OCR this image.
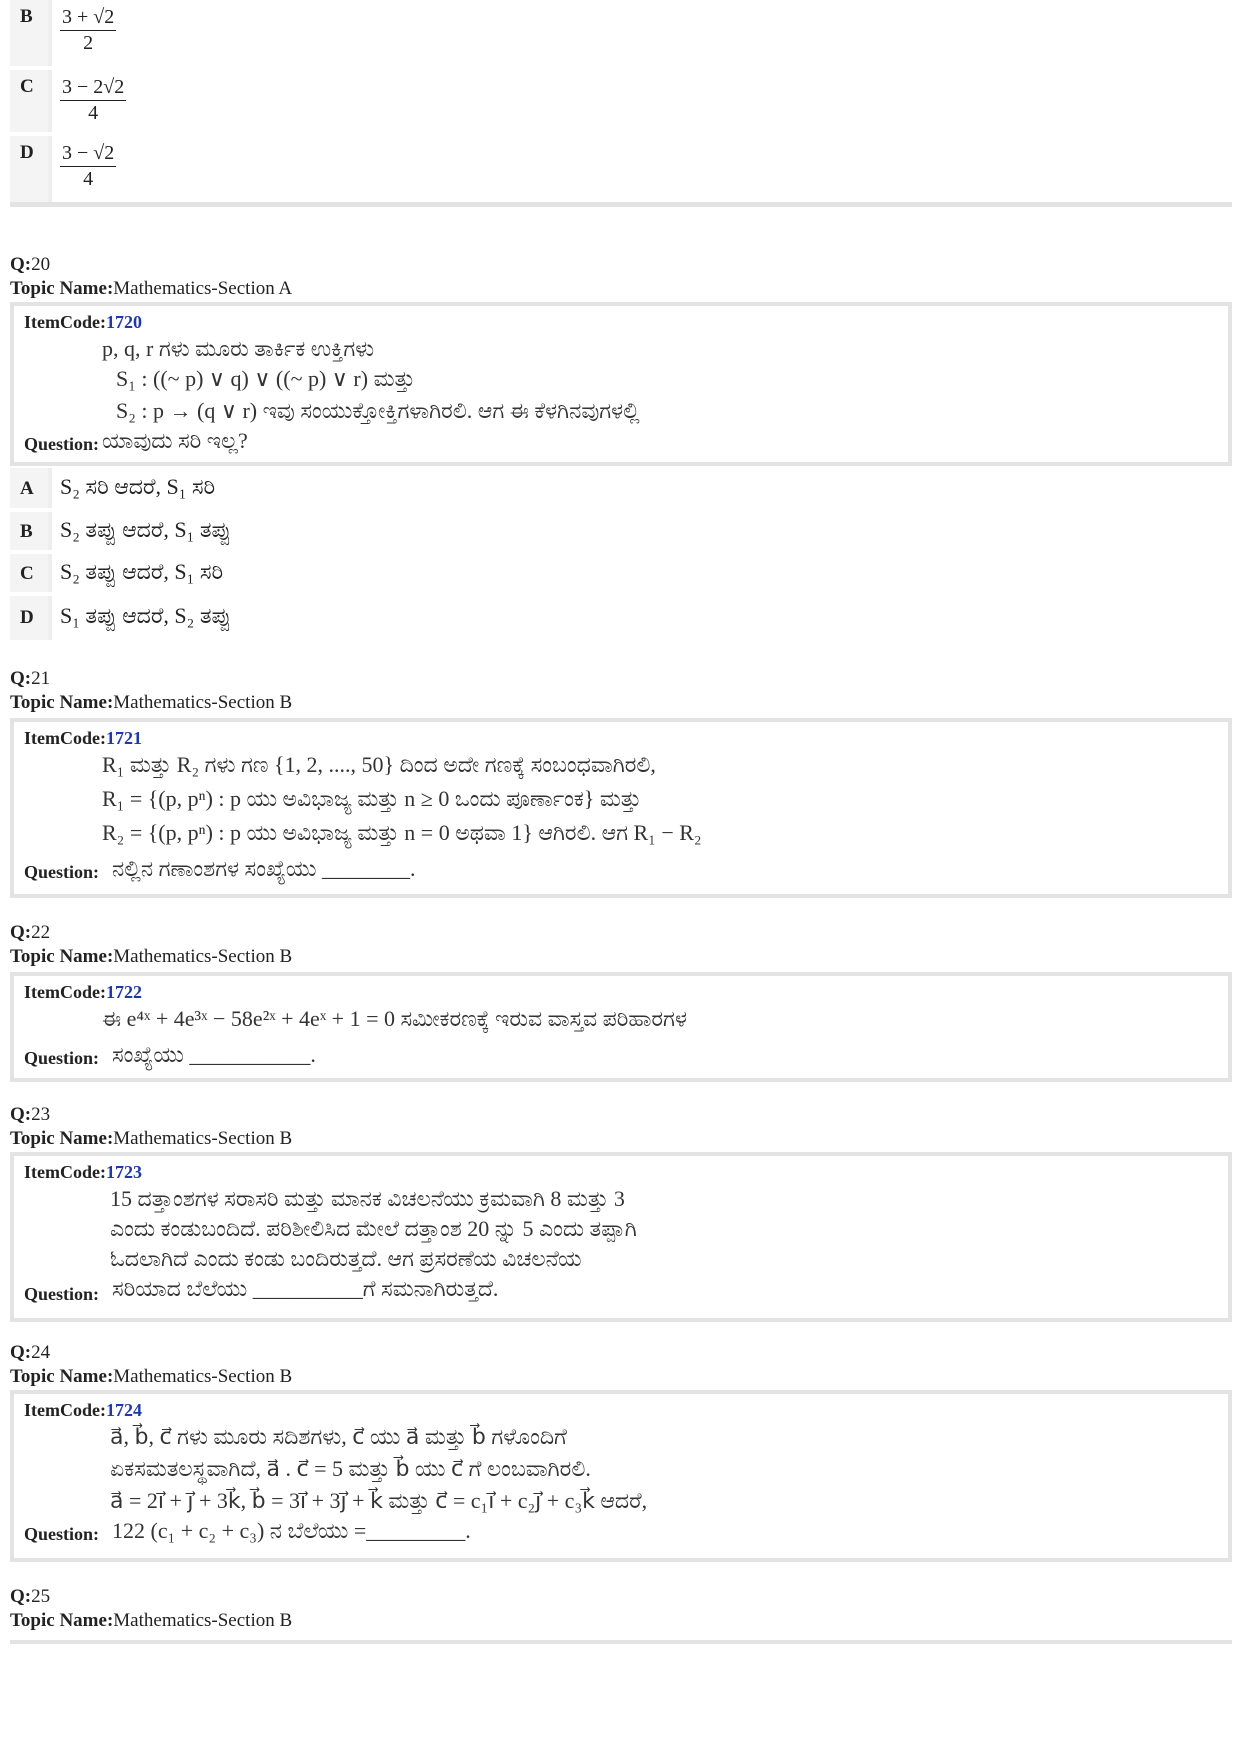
B $\frac{3 + √2}{2}$
C $\frac{3 - 2√2}{4}$
D $\frac{3 - √2}{4}$
Q:20
Topic Name:Mathematics-Section A
ItemCode:1720
p, q, r ಗಳು ಮೂರು ತಾರ್ಕಿಕ ಉಕ್ತಿಗಳು
S₁ : ((~ p) ∨ q) ∨ ((~ p) ∨ r) ಮತ್ತು
S₂ : p → (q ∨ r) ಇವು ಸಂಯುಕ್ತೋಕ್ತಿಗಳಾಗಿರಲಿ. ಆಗ ಈ ಕೆಳಗಿನವುಗಳಲ್ಲಿ
Question: ಯಾವುದು ಸರಿ ಇಲ್ಲ?
A S₂ ಸರಿ ಆದರೆ, S₁ ಸರಿ
B S₂ ತಪ್ಪು ಆದರೆ, S₁ ತಪ್ಪು
C S₂ ತಪ್ಪು ಆದರೆ, S₁ ಸರಿ
D S₁ ತಪ್ಪು ಆದರೆ, S₂ ತಪ್ಪು
Q:21
Topic Name:Mathematics-Section B
ItemCode:1721
R₁ ಮತ್ತು R₂ ಗಳು ಗಣ {1, 2, ...., 50} ದಿಂದ ಅದೇ ಗಣಕ್ಕೆ ಸಂಬಂಧವಾಗಿರಲಿ,
R₁ = {(p, pⁿ) : p ಯು ಅವಿಭಾಜ್ಯ ಮತ್ತು n ≥ 0 ಒಂದು ಪೂರ್ಣಾಂಕ} ಮತ್ತು
R₂ = {(p, pⁿ) : p ಯು ಅವಿಭಾಜ್ಯ ಮತ್ತು n = 0 ಅಥವಾ 1} ಆಗಿರಲಿ. ಆಗ R₁ − R₂
Question: ನಲ್ಲಿನ ಗಣಾಂಶಗಳ ಸಂಖ್ಯೆಯು ________.
Q:22
Topic Name:Mathematics-Section B
ItemCode:1722
ಈ e⁴ˣ + 4e³ˣ − 58e²ˣ + 4eˣ + 1 = 0 ಸಮೀಕರಣಕ್ಕೆ ಇರುವ ವಾಸ್ತವ ಪರಿಹಾರಗಳ
Question: ಸಂಖ್ಯೆಯು ___________.
Q:23
Topic Name:Mathematics-Section B
ItemCode:1723
15 ದತ್ತಾಂಶಗಳ ಸರಾಸರಿ ಮತ್ತು ಮಾನಕ ವಿಚಲನೆಯು ಕ್ರಮವಾಗಿ 8 ಮತ್ತು 3
ಎಂದು ಕಂಡುಬಂದಿದೆ. ಪರಿಶೀಲಿಸಿದ ಮೇಲೆ ದತ್ತಾಂಶ 20 ನ್ನು 5 ಎಂದು ತಪ್ಪಾಗಿ
ಓದಲಾಗಿದೆ ಎಂದು ಕಂಡು ಬಂದಿರುತ್ತದೆ. ಆಗ ಪ್ರಸರಣೆಯ ವಿಚಲನೆಯ
Question: ಸರಿಯಾದ ಬೆಲೆಯು __________ಗೆ ಸಮನಾಗಿರುತ್ತದೆ.
Q:24
Topic Name:Mathematics-Section B
ItemCode:1724
a⃗, b⃗, c⃗ ಗಳು ಮೂರು ಸದಿಶಗಳು, c⃗ ಯು a⃗ ಮತ್ತು b⃗ ಗಳೊಂದಿಗೆ
ಏಕಸಮತಲಸ್ಥವಾಗಿದೆ, a⃗ . c⃗ = 5 ಮತ್ತು b⃗ ಯು c⃗ ಗೆ ಲಂಬವಾಗಿರಲಿ.
a⃗ = 2i⃗ + j⃗ + 3k⃗, b⃗ = 3i⃗ + 3j⃗ + k⃗ ಮತ್ತು c⃗ = c₁i⃗ + c₂j⃗ + c₃k⃗ ಆದರೆ,
Question: 122 (c₁ + c₂ + c₃) ನ ಬೆಲೆಯು =_________.
Q:25
Topic Name:Mathematics-Section B
